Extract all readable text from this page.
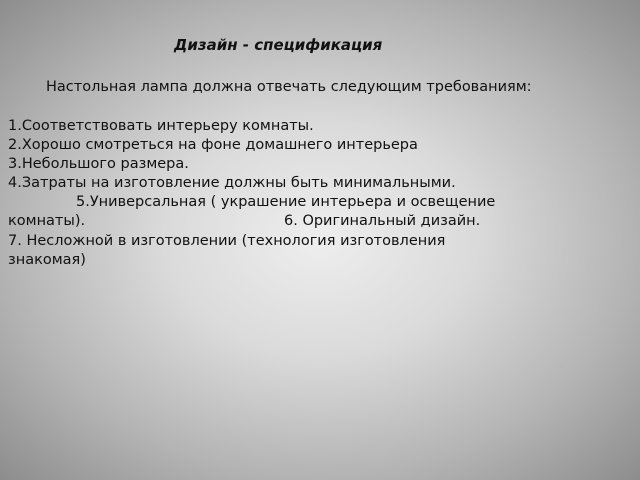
Дизайн - спецификация
Настольная лампа должна отвечать следующим требованиям:
1.Соответствовать интерьеру комнаты.
2.Хорошо смотреться на фоне домашнего интерьера
3.Небольшого размера.
4.Затраты на изготовление должны быть минимальными.
5.Универсальная ( украшение интерьера и освещение
комнаты).	6. Оригинальный дизайн.
7. Несложной в изготовлении (технология изготовления
знакомая)
